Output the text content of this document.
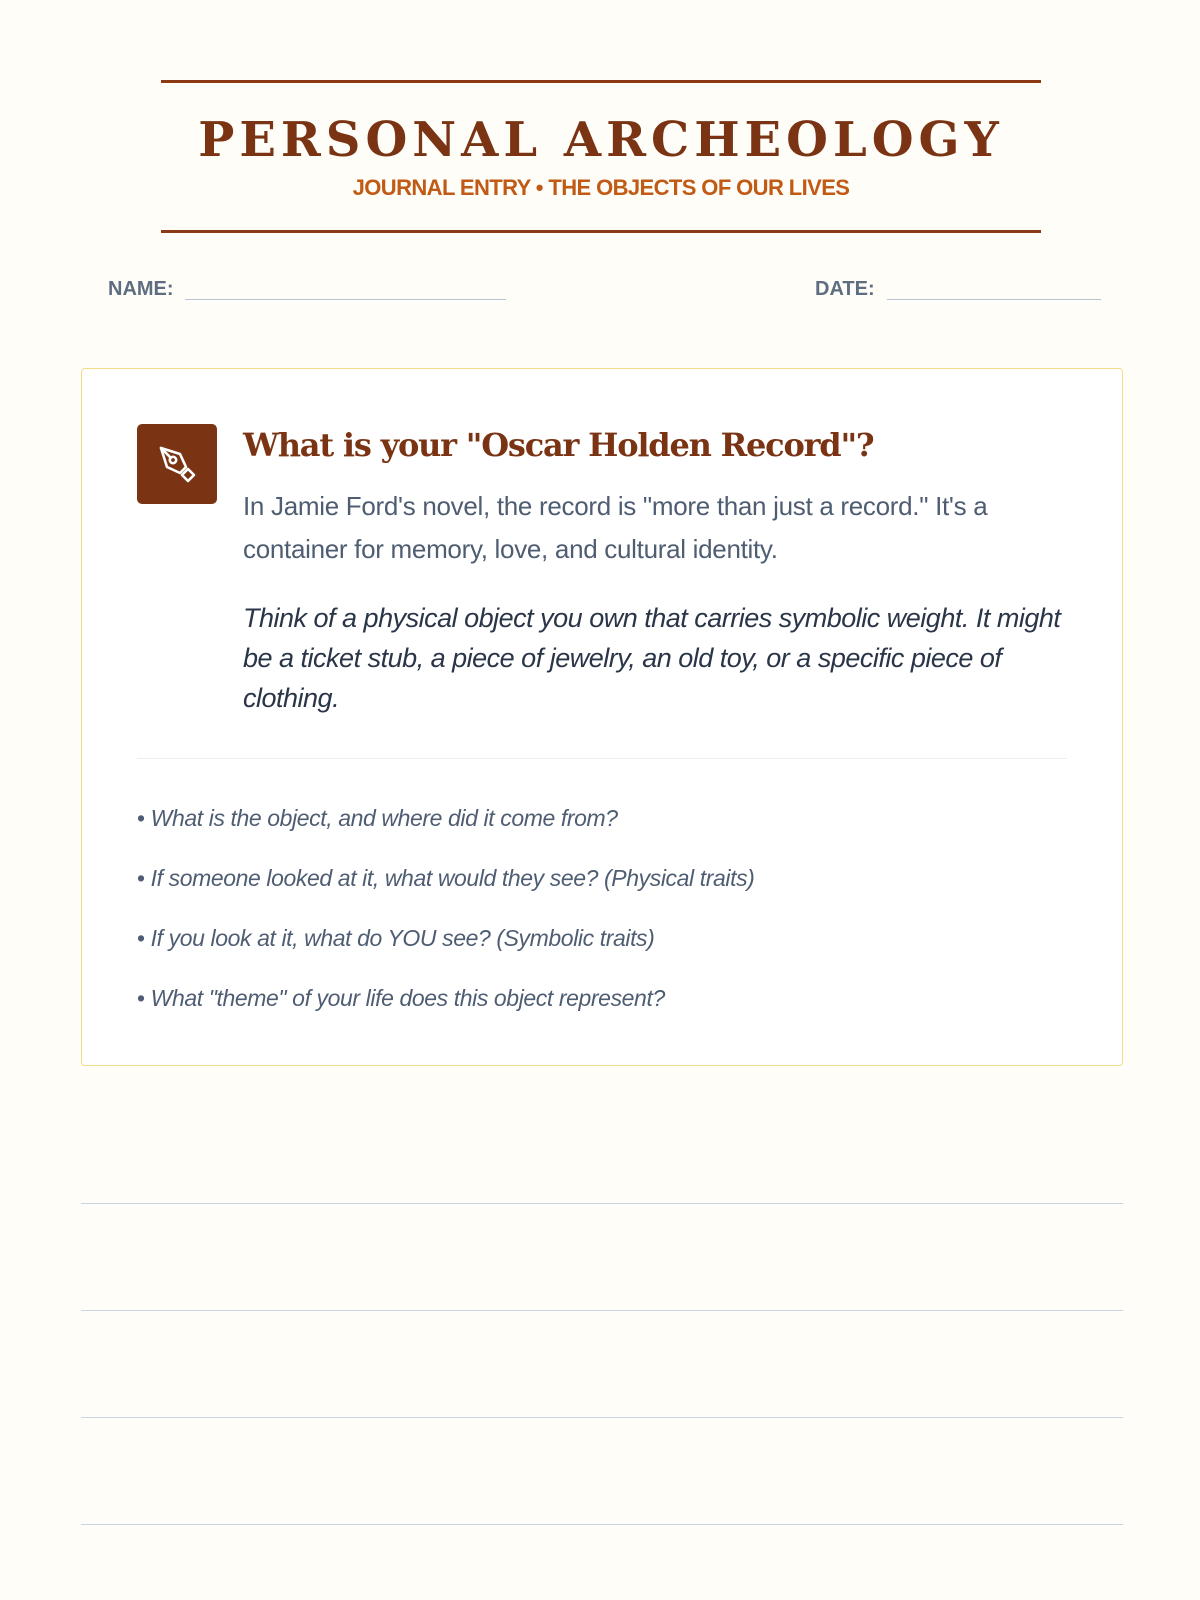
PERSONAL ARCHEOLOGY
JOURNAL ENTRY • THE OBJECTS OF OUR LIVES
NAME:	DATE:
What is your "Oscar Holden Record"?
In Jamie Ford's novel, the record is "more than just a record." It's a container for memory, love, and cultural identity.
Think of a physical object you own that carries symbolic weight. It might be a ticket stub, a piece of jewelry, an old toy, or a specific piece of clothing.
• What is the object, and where did it come from?
• If someone looked at it, what would they see? (Physical traits)
• If you look at it, what do YOU see? (Symbolic traits)
• What "theme" of your life does this object represent?
